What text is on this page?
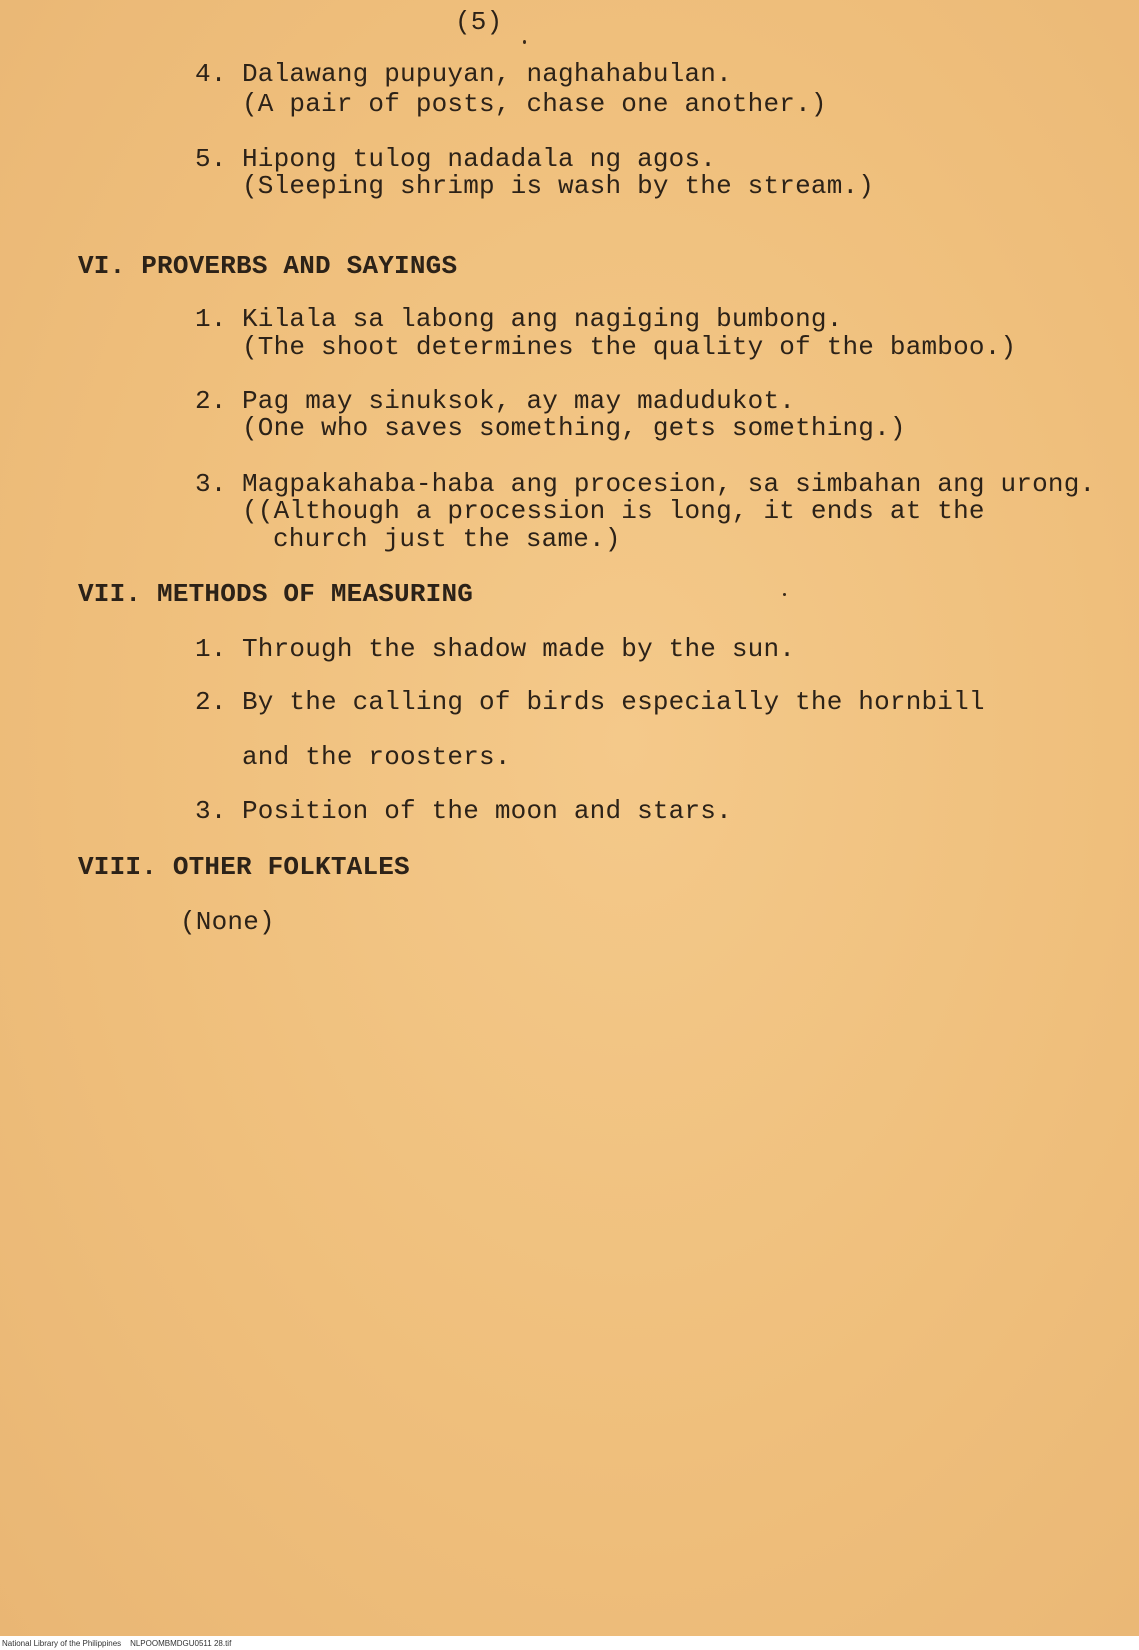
(5)
4. Dalawang pupuyan, naghahabulan.
(A pair of posts, chase one another.)
5. Hipong tulog nadadala ng agos.
(Sleeping shrimp is wash by the stream.)
VI. PROVERBS AND SAYINGS
1. Kilala sa labong ang nagiging bumbong.
(The shoot determines the quality of the bamboo.)
2. Pag may sinuksok, ay may madudukot.
(One who saves something, gets something.)
3. Magpakahaba-haba ang procesion, sa simbahan ang urong.
((Although a procession is long, it ends at the
church just the same.)
VII. METHODS OF MEASURING
1. Through the shadow made by the sun.
2. By the calling of birds especially the hornbill
and the roosters.
3. Position of the moon and stars.
VIII. OTHER FOLKTALES
(None)
National Library of the Philippines    NLPOOMBMDGU0511 28.tif
